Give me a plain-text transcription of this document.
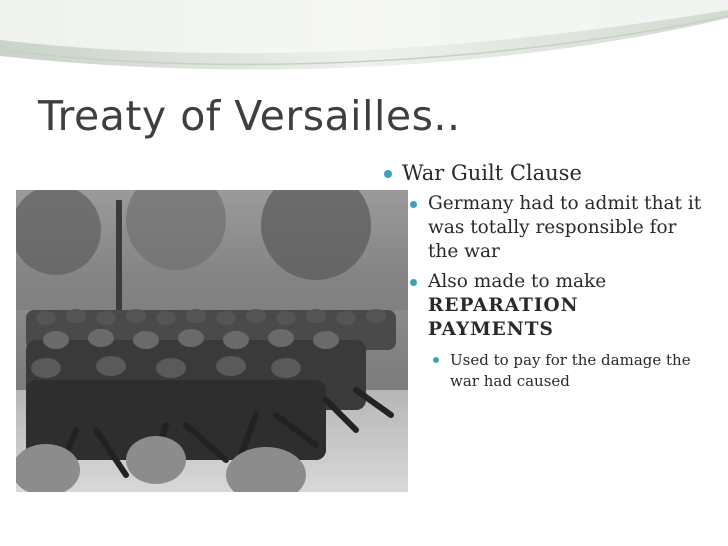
Treaty of Versailles..
War Guilt Clause
Germany had to admit that it was totally responsible for the war
Also made to make REPARATION PAYMENTS
Used to pay for the damage the war had caused
